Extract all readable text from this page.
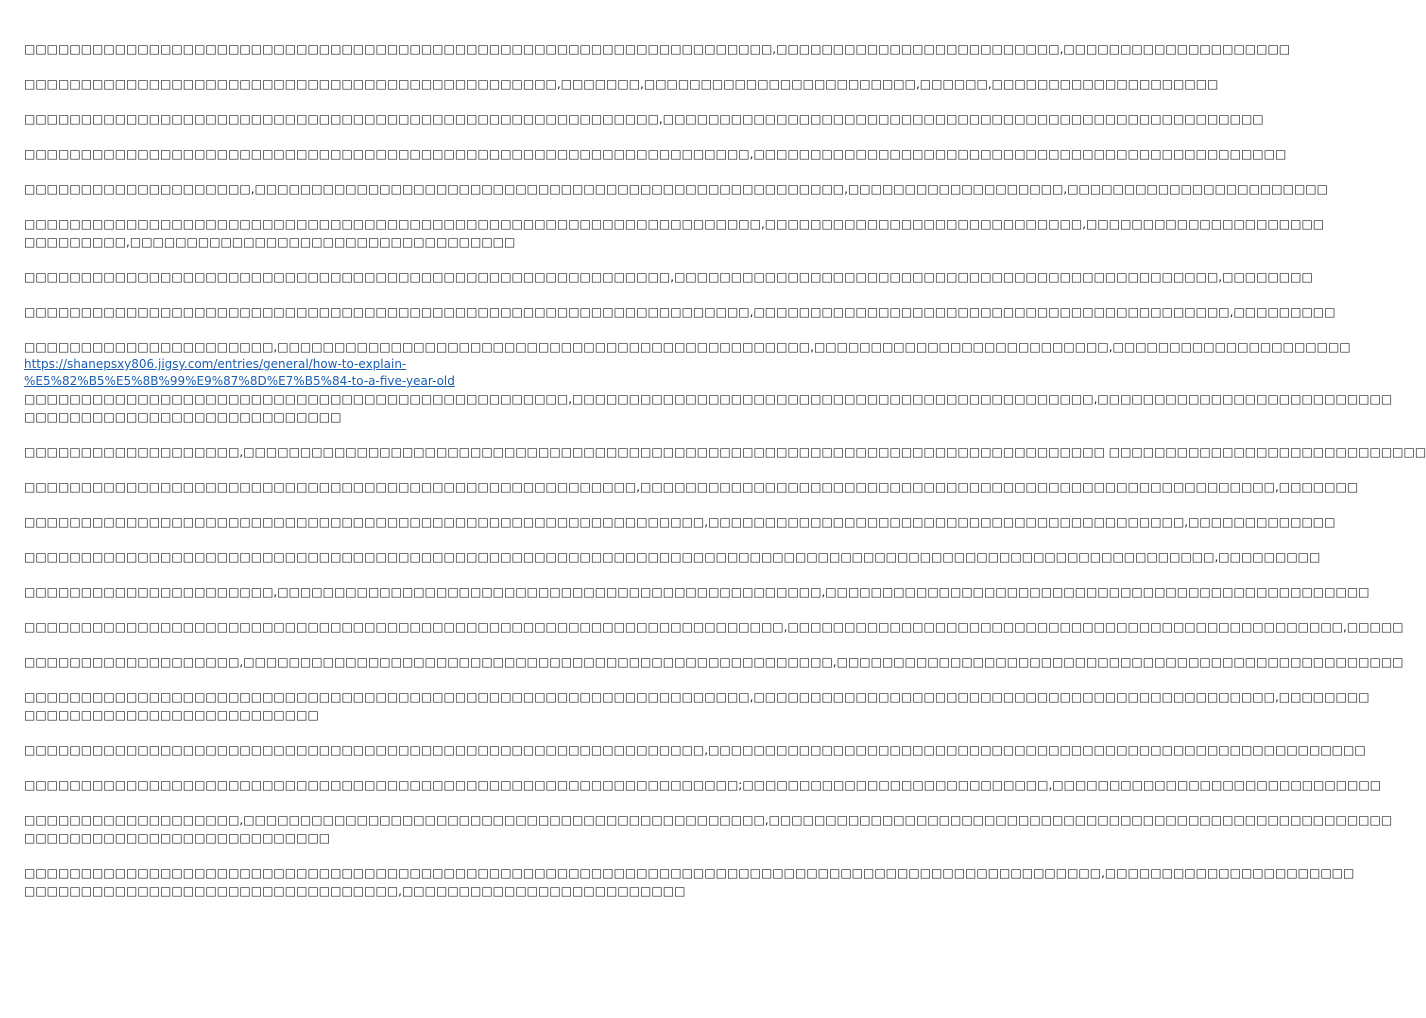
□□□□□□□□□□□□□□□□□□□□□□□□□□□□□□□□□□□□□□□□□□□□□□□□□□□□□□□□□□□□□□□□□□,□□□□□□□□□□□□□□□□□□□□□□□□□,□□□□□□□□□□□□□□□□□□□□
□□□□□□□□□□□□□□□□□□□□□□□□□□□□□□□□□□□□□□□□□□□□□□□,□□□□□□□,□□□□□□□□□□□□□□□□□□□□□□□□,□□□□□□,□□□□□□□□□□□□□□□□□□□□
□□□□□□□□□□□□□□□□□□□□□□□□□□□□□□□□□□□□□□□□□□□□□□□□□□□□□□□□,□□□□□□□□□□□□□□□□□□□□□□□□□□□□□□□□□□□□□□□□□□□□□□□□□□□□□
□□□□□□□□□□□□□□□□□□□□□□□□□□□□□□□□□□□□□□□□□□□□□□□□□□□□□□□□□□□□□□□□,□□□□□□□□□□□□□□□□□□□□□□□□□□□□□□□□□□□□□□□□□□□□□□□
□□□□□□□□□□□□□□□□□□□□,□□□□□□□□□□□□□□□□□□□□□□□□□□□□□□□□□□□□□□□□□□□□□□□□□□□□,□□□□□□□□□□□□□□□□□□□,□□□□□□□□□□□□□□□□□□□□□□□
□□□□□□□□□□□□□□□□□□□□□□□□□□□□□□□□□□□□□□□□□□□□□□□□□□□□□□□□□□□□□□□□□,□□□□□□□□□□□□□□□□□□□□□□□□□□□□,□□□□□□□□□□□□□□□□□□□□□
□□□□□□□□□,□□□□□□□□□□□□□□□□□□□□□□□□□□□□□□□□□□
□□□□□□□□□□□□□□□□□□□□□□□□□□□□□□□□□□□□□□□□□□□□□□□□□□□□□□□□□,□□□□□□□□□□□□□□□□□□□□□□□□□□□□□□□□□□□□□□□□□□□□□□□□,□□□□□□□□
□□□□□□□□□□□□□□□□□□□□□□□□□□□□□□□□□□□□□□□□□□□□□□□□□□□□□□□□□□□□□□□□,□□□□□□□□□□□□□□□□□□□□□□□□□□□□□□□□□□□□□□□□□□,□□□□□□□□□
□□□□□□□□□□□□□□□□□□□□□□,□□□□□□□□□□□□□□□□□□□□□□□□□□□□□□□□□□□□□□□□□□□□□□□,□□□□□□□□□□□□□□□□□□□□□□□□□□,□□□□□□□□□□□□□□□□□□□□□
https://shanepsxy806.jigsy.com/entries/general/how-to-explain-
%E5%82%B5%E5%8B%99%E9%87%8D%E7%B5%84-to-a-five-year-old
□□□□□□□□□□□□□□□□□□□□□□□□□□□□□□□□□□□□□□□□□□□□□□□□,□□□□□□□□□□□□□□□□□□□□□□□□□□□□□□□□□□□□□□□□□□□□□□,□□□□□□□□□□□□□□□□□□□□□□□□□□
□□□□□□□□□□□□□□□□□□□□□□□□□□□□
□□□□□□□□□□□□□□□□□□□,□□□□□□□□□□□□□□□□□□□□□□□□□□□□□□□□□□□□□□□□□□□□□□□□□□□□□□□□□□□□□□□□□□□□□□□□□□□□ □□□□□□□□□□□□□□□□□□□□□□□□□□□□
□□□□□□□□□□□□□□□□□□□□□□□□□□□□□□□□□□□□□□□□□□□□□□□□□□□□□□,□□□□□□□□□□□□□□□□□□□□□□□□□□□□□□□□□□□□□□□□□□□□□□□□□□□□□□□□,□□□□□□□
□□□□□□□□□□□□□□□□□□□□□□□□□□□□□□□□□□□□□□□□□□□□□□□□□□□□□□□□□□□□,□□□□□□□□□□□□□□□□□□□□□□□□□□□□□□□□□□□□□□□□□□,□□□□□□□□□□□□□
□□□□□□□□□□□□□□□□□□□□□□□□□□□□□□□□□□□□□□□□□□□□□□□□□□□□□□□□□□□□□□□□□□□□□□□□□□□□□□□□□□□□□□□□□□□□□□□□□□□□□□□□□,□□□□□□□□□
□□□□□□□□□□□□□□□□□□□□□□,□□□□□□□□□□□□□□□□□□□□□□□□□□□□□□□□□□□□□□□□□□□□□□□□,□□□□□□□□□□□□□□□□□□□□□□□□□□□□□□□□□□□□□□□□□□□□□□□□
□□□□□□□□□□□□□□□□□□□□□□□□□□□□□□□□□□□□□□□□□□□□□□□□□□□□□□□□□□□□□□□□□□□,□□□□□□□□□□□□□□□□□□□□□□□□□□□□□□□□□□□□□□□□□□□□□□□□□,□□□□□
□□□□□□□□□□□□□□□□□□□,□□□□□□□□□□□□□□□□□□□□□□□□□□□□□□□□□□□□□□□□□□□□□□□□□□□□,□□□□□□□□□□□□□□□□□□□□□□□□□□□□□□□□□□□□□□□□□□□□□□□□□□
□□□□□□□□□□□□□□□□□□□□□□□□□□□□□□□□□□□□□□□□□□□□□□□□□□□□□□□□□□□□□□□□,□□□□□□□□□□□□□□□□□□□□□□□□□□□□□□□□□□□□□□□□□□□□□□,□□□□□□□□
□□□□□□□□□□□□□□□□□□□□□□□□□□
□□□□□□□□□□□□□□□□□□□□□□□□□□□□□□□□□□□□□□□□□□□□□□□□□□□□□□□□□□□□,□□□□□□□□□□□□□□□□□□□□□□□□□□□□□□□□□□□□□□□□□□□□□□□□□□□□□□□□□□
□□□□□□□□□□□□□□□□□□□□□□□□□□□□□□□□□□□□□□□□□□□□□□□□□□□□□□□□□□□□□□□;□□□□□□□□□□□□□□□□□□□□□□□□□□□,□□□□□□□□□□□□□□□□□□□□□□□□□□□□□
□□□□□□□□□□□□□□□□□□□,□□□□□□□□□□□□□□□□□□□□□□□□□□□□□□□□□□□□□□□□□□□□□□,□□□□□□□□□□□□□□□□□□□□□□□□□□□□□□□□□□□□□□□□□□□□□□□□□□□□□□□
□□□□□□□□□□□□□□□□□□□□□□□□□□□
□□□□□□□□□□□□□□□□□□□□□□□□□□□□□□□□□□□□□□□□□□□□□□□□□□□□□□□□□□□□□□□□□□□□□□□□□□□□□□□□□□□□□□□□□□□□□□□,□□□□□□□□□□□□□□□□□□□□□□
□□□□□□□□□□□□□□□□□□□□□□□□□□□□□□□□□,□□□□□□□□□□□□□□□□□□□□□□□□□
